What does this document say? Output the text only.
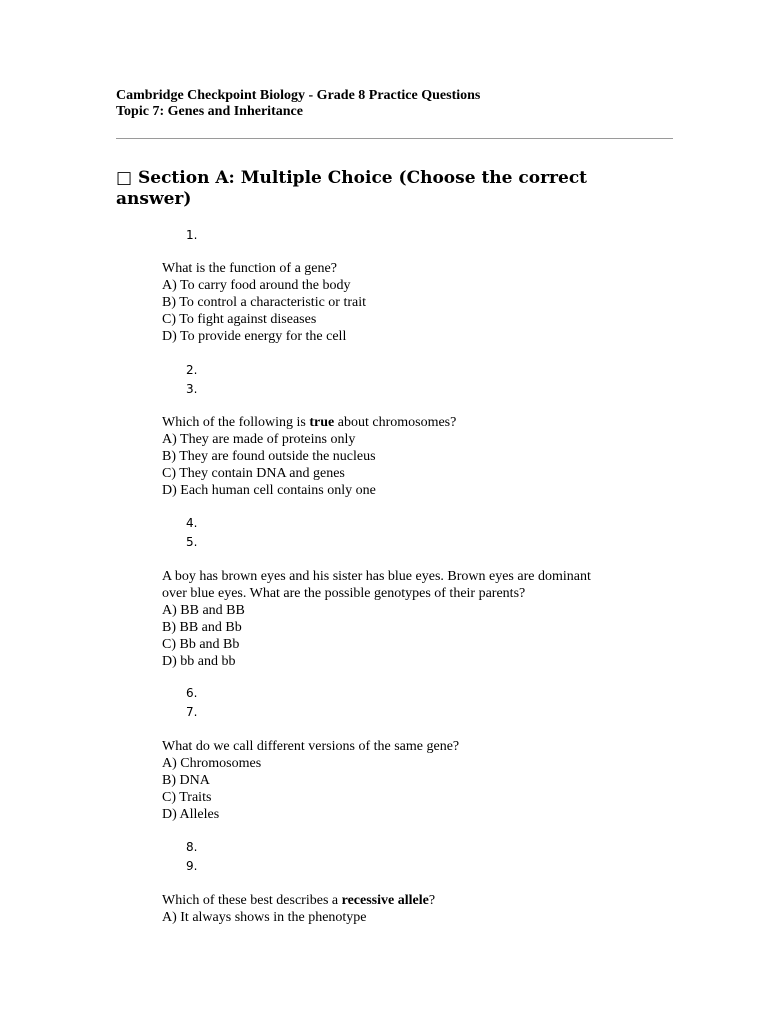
Cambridge Checkpoint Biology - Grade 8 Practice Questions
Topic 7: Genes and Inheritance
□ Section A: Multiple Choice (Choose the correct answer)
1.
2.
3.
4.
5.
6.
7.
8.
9.
What is the function of a gene?
A) To carry food around the body
B) To control a characteristic or trait
C) To fight against diseases
D) To provide energy for the cell
Which of the following is true about chromosomes?
A) They are made of proteins only
B) They are found outside the nucleus
C) They contain DNA and genes
D) Each human cell contains only one
A boy has brown eyes and his sister has blue eyes. Brown eyes are dominant
over blue eyes. What are the possible genotypes of their parents?
A) BB and BB
B) BB and Bb
C) Bb and Bb
D) bb and bb
What do we call different versions of the same gene?
A) Chromosomes
B) DNA
C) Traits
D) Alleles
Which of these best describes a recessive allele?
A) It always shows in the phenotype
